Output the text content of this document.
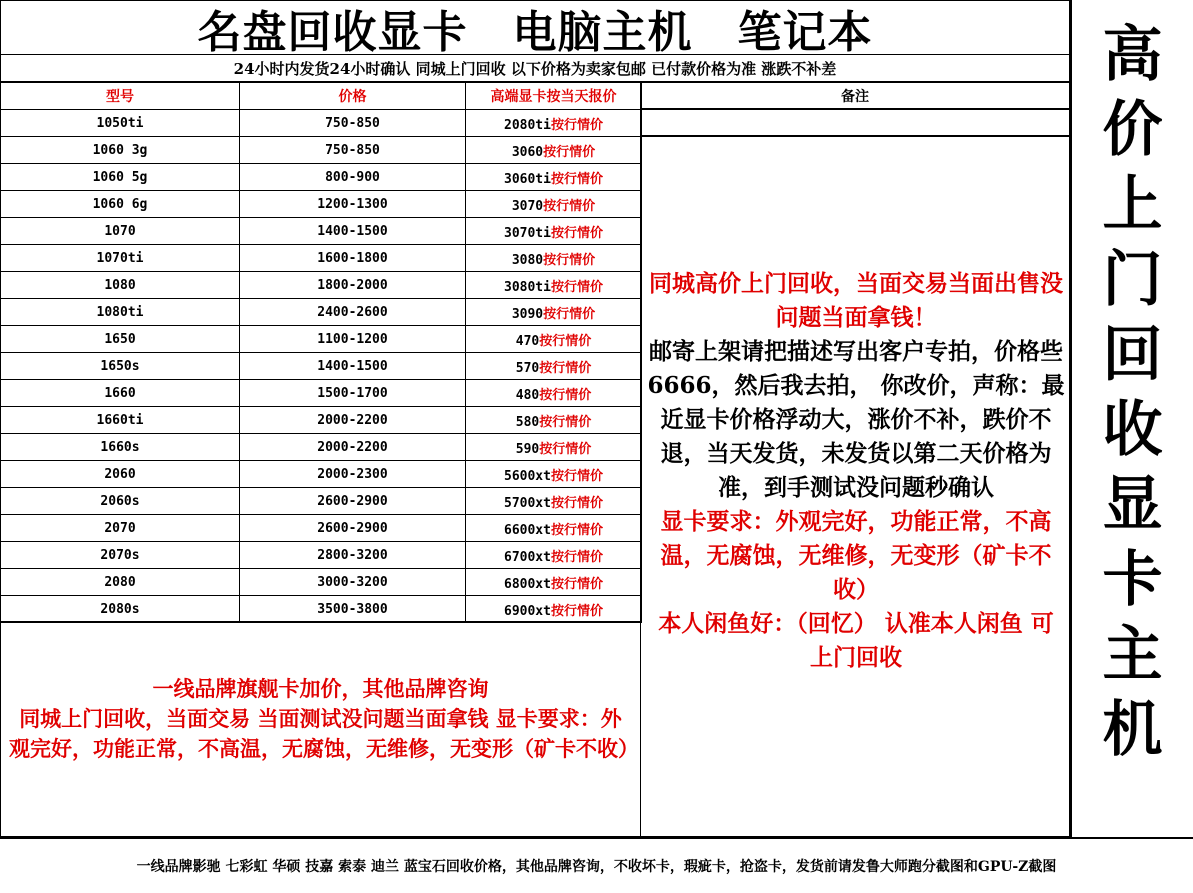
名盘回收显卡　电脑主机　笔记本
24小时内发货24小时确认 同城上门回收 以下价格为卖家包邮 已付款价格为准 涨跌不补差	高
价
上
门
回
收
显
卡
主
机
型号	价格	高端显卡按当天报价
1050ti	750-850	2080ti按行情价
1060 3g	750-850	3060按行情价
1060 5g	800-900	3060ti按行情价
1060 6g	1200-1300	3070按行情价
1070	1400-1500	3070ti按行情价
1070ti	1600-1800	3080按行情价
1080	1800-2000	3080ti按行情价
1080ti	2400-2600	3090按行情价
1650	1100-1200	470按行情价
1650s	1400-1500	570按行情价
1660	1500-1700	480按行情价
1660ti	2000-2200	580按行情价
1660s	2000-2200	590按行情价
2060	2000-2300	5600xt按行情价
2060s	2600-2900	5700xt按行情价
2070	2600-2900	6600xt按行情价
2070s	2800-3200	6700xt按行情价
2080	3000-3200	6800xt按行情价
2080s	3500-3800	6900xt按行情价
备注
同城高价上门回收，当面交易当面出售没问题当面拿钱！
邮寄上架请把描述写出客户专拍，价格些6666，然后我去拍， 你改价，声称：最近显卡价格浮动大，涨价不补，跌价不退，当天发货，未发货以第二天价格为准，到手测试没问题秒确认
显卡要求：外观完好，功能正常，不高温，无腐蚀，无维修，无变形（矿卡不收）
本人闲鱼好：（回忆） 认准本人闲鱼 可上门回收
一线品牌旗舰卡加价，其他品牌咨询
同城上门回收，当面交易 当面测试没问题当面拿钱 显卡要求：外观完好，功能正常，不高温，无腐蚀，无维修，无变形（矿卡不收）
一线品牌影驰 七彩虹 华硕 技嘉 索泰 迪兰 蓝宝石回收价格，其他品牌咨询，不收坏卡，瑕疵卡，抢盗卡，发货前请发鲁大师跑分截图和GPU-Z截图
